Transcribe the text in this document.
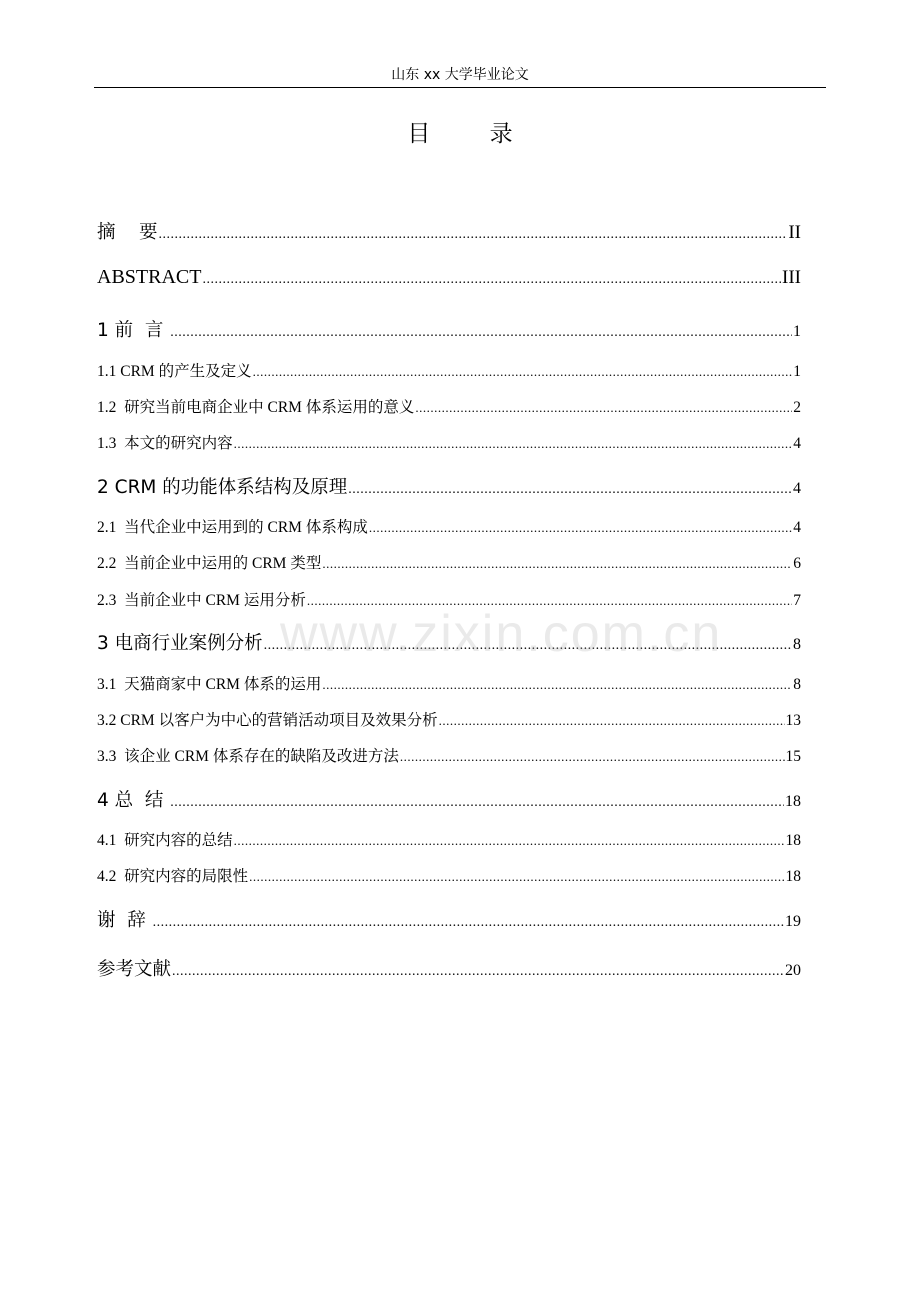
山东 xx 大学毕业论文
目 录
摘    要 .....	II
ABSTRACT .....	III
1 前  言 .....	1
1.1 CRM 的产生及定义 .....	1
1.2  研究当前电商企业中 CRM 体系运用的意义 .....	2
1.3  本文的研究内容 .....	4
2 CRM 的功能体系结构及原理 .....	4
2.1  当代企业中运用到的 CRM 体系构成 .....	4
2.2  当前企业中运用的 CRM 类型 .....	6
2.3  当前企业中 CRM 运用分析 .....	7
3 电商行业案例分析 .....	8
3.1  天猫商家中 CRM 体系的运用 .....	8
3.2 CRM 以客户为中心的营销活动项目及效果分析 .....	13
3.3  该企业 CRM 体系存在的缺陷及改进方法 .....	15
4 总  结 .....	18
4.1  研究内容的总结 .....	18
4.2  研究内容的局限性 .....	18
谢  辞 .....	19
参考文献 .....	20
www.zixin.com.cn
